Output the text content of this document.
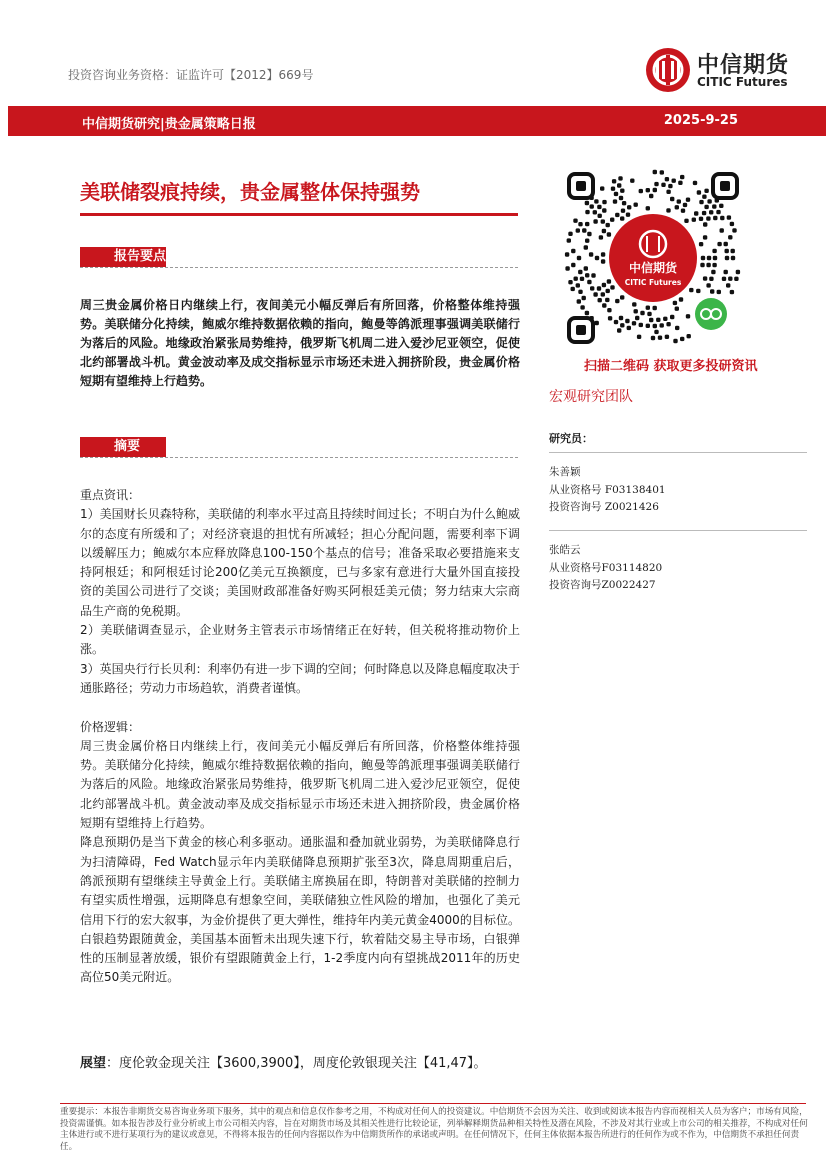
投资咨询业务资格：证监许可【2012】669号	中信期货
CITIC Futures
中信期货研究|贵金属策略日报	2025-9-25
美联储裂痕持续，贵金属整体保持强势
报告要点
周三贵金属价格日内继续上行，夜间美元小幅反弹后有所回落，价格整体维持强势。美联储分化持续，鲍威尔维持数据依赖的指向，鲍曼等鸽派理事强调美联储行为落后的风险。地缘政治紧张局势维持，俄罗斯飞机周二进入爱沙尼亚领空，促使北约部署战斗机。黄金波动率及成交指标显示市场还未进入拥挤阶段，贵金属价格短期有望维持上行趋势。
摘要

重点资讯：

1）美国财长贝森特称，美联储的利率水平过高且持续时间过长；不明白为什么鲍威尔的态度有所缓和了；对经济衰退的担忧有所减轻；担心分配问题，需要利率下调以缓解压力；鲍威尔本应释放降息100-150个基点的信号；准备采取必要措施来支持阿根廷；和阿根廷讨论200亿美元互换额度，已与多家有意进行大量外国直接投资的美国公司进行了交谈；美国财政部准备好购买阿根廷美元债；努力结束大宗商品生产商的免税期。

2）美联储调查显示，企业财务主管表示市场情绪正在好转，但关税将推动物价上涨。

3）英国央行行长贝利：利率仍有进一步下调的空间；何时降息以及降息幅度取决于通胀路径；劳动力市场趋软，消费者谨慎。

价格逻辑：

周三贵金属价格日内继续上行，夜间美元小幅反弹后有所回落，价格整体维持强势。美联储分化持续，鲍威尔维持数据依赖的指向，鲍曼等鸽派理事强调美联储行为落后的风险。地缘政治紧张局势维持，俄罗斯飞机周二进入爱沙尼亚领空，促使北约部署战斗机。黄金波动率及成交指标显示市场还未进入拥挤阶段，贵金属价格短期有望维持上行趋势。

降息预期仍是当下黄金的核心利多驱动。通胀温和叠加就业弱势，为美联储降息行为扫清障碍，Fed Watch显示年内美联储降息预期扩张至3次，降息周期重启后，鸽派预期有望继续主导黄金上行。美联储主席换届在即，特朗普对美联储的控制力有望实质性增强，远期降息有想象空间，美联储独立性风险的增加，也强化了美元信用下行的宏大叙事，为金价提供了更大弹性，维持年内美元黄金4000的目标位。白银趋势跟随黄金，美国基本面暂未出现失速下行，软着陆交易主导市场，白银弹性的压制显著放缓，银价有望跟随黄金上行，1-2季度内向有望挑战2011年的历史高位50美元附近。

展望：度伦敦金现关注【3600,3900】，周度伦敦银现关注【41,47】。
重要提示：本报告非期货交易咨询业务项下服务，其中的观点和信息仅作参考之用，不构成对任何人的投资建议。中信期货不会因为关注、收到或阅读本报告内容而视相关人员为客户；市场有风险，投资需谨慎。如本报告涉及行业分析或上市公司相关内容，旨在对期货市场及其相关性进行比较论证，列举解释期货品种相关特性及潜在风险，不涉及对其行业或上市公司的相关推荐，不构成对任何主体进行或不进行某项行为的建议或意见，不得将本报告的任何内容据以作为中信期货所作的承诺或声明。在任何情况下，任何主体依据本报告所进行的任何作为或不作为，中信期货不承担任何责任。
中信期货
CITIC Futures
扫描二维码 获取更多投研资讯
宏观研究团队
研究员：
朱善颖
从业资格号 F03138401
投资咨询号 Z0021426
张皓云
从业资格号F03114820
投资咨询号Z0022427
